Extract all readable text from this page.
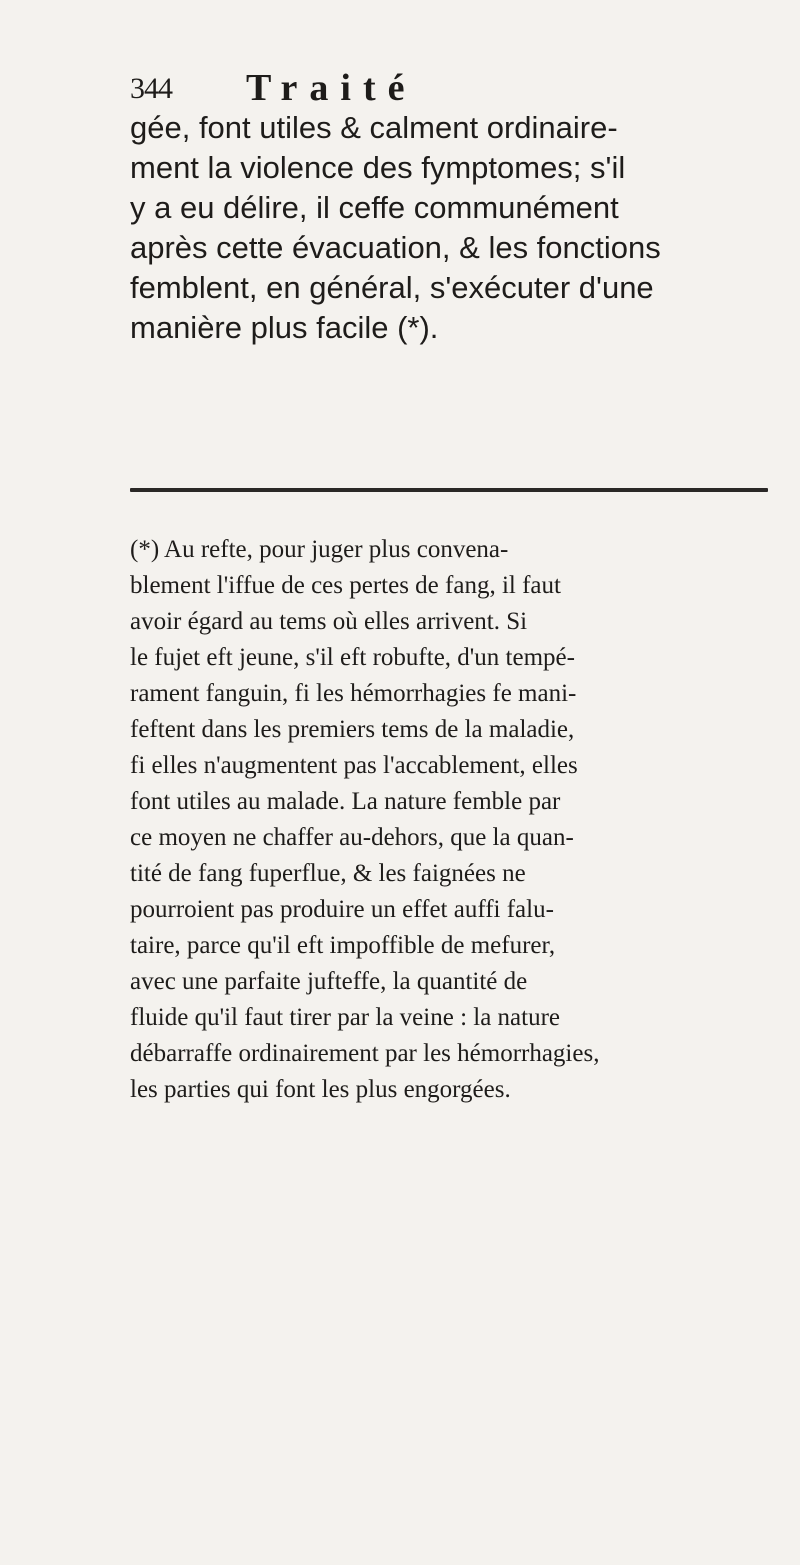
344 Traité
gée, font utiles & calment ordinaire-
ment la violence des fymptomes; s'il
y a eu délire, il ceffe communément
après cette évacuation, & les fonctions
femblent, en général, s'exécuter d'une
manière plus facile (*).
(*) Au refte, pour juger plus convena-
blement l'iffue de ces pertes de fang, il faut
avoir égard au tems où elles arrivent. Si
le fujet eft jeune, s'il eft robufte, d'un tempé-
rament fanguin, fi les hémorrhagies fe mani-
feftent dans les premiers tems de la maladie,
fi elles n'augmentent pas l'accablement, elles
font utiles au malade. La nature femble par
ce moyen ne chaffer au-dehors, que la quan-
tité de fang fuperflue, & les faignées ne
pourroient pas produire un effet auffi falu-
taire, parce qu'il eft impoffible de mefurer,
avec une parfaite jufteffe, la quantité de
fluide qu'il faut tirer par la veine : la nature
débarraffe ordinairement par les hémorrhagies,
les parties qui font les plus engorgées.
